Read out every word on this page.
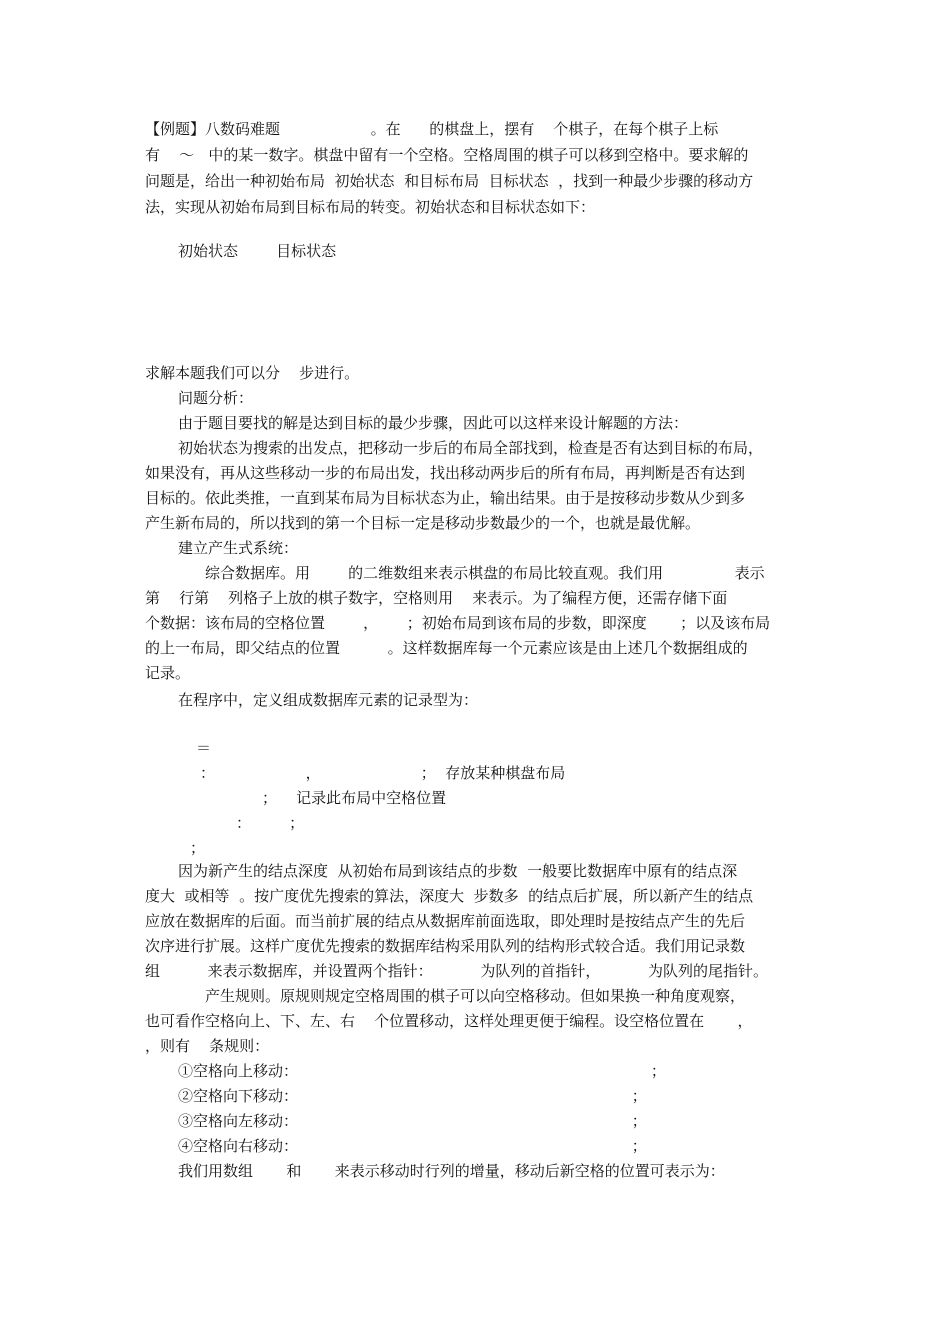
【例题】八数码难题                   。在      的棋盘上，摆有    个棋子，在每个棋子上标
有    ～   中的某一数字。棋盘中留有一个空格。空格周围的棋子可以移到空格中。要求解的
问题是，给出一种初始布局  初始状态  和目标布局  目标状态  ，找到一种最少步骤的移动方
法，实现从初始布局到目标布局的转变。初始状态和目标状态如下：
初始状态        目标状态
求解本题我们可以分    步进行。
问题分析：
由于题目要找的解是达到目标的最少步骤，因此可以这样来设计解题的方法：
初始状态为搜索的出发点，把移动一步后的布局全部找到，检查是否有达到目标的布局，
如果没有，再从这些移动一步的布局出发，找出移动两步后的所有布局，再判断是否有达到
目标的。依此类推，一直到某布局为目标状态为止，输出结果。由于是按移动步数从少到多
产生新布局的，所以找到的第一个目标一定是移动步数最少的一个，也就是最优解。
建立产生式系统：
综合数据库。用        的二维数组来表示棋盘的布局比较直观。我们用               表示
第    行第    列格子上放的棋子数字，空格则用    来表示。为了编程方便，还需存储下面
个数据：该布局的空格位置        ，      ；初始布局到该布局的步数，即深度       ；以及该布局
的上一布局，即父结点的位置          。这样数据库每一个元素应该是由上述几个数据组成的
记录。
在程序中，定义组成数据库元素的记录型为：
＝
：                   ，                     ；  存放某种棋盘布局
；    记录此布局中空格位置
：        ；
；
因为新产生的结点深度  从初始布局到该结点的步数  一般要比数据库中原有的结点深
度大  或相等  。按广度优先搜索的算法，深度大  步数多  的结点后扩展，所以新产生的结点
应放在数据库的后面。而当前扩展的结点从数据库前面选取，即处理时是按结点产生的先后
次序进行扩展。这样广度优先搜索的数据库结构采用队列的结构形式较合适。我们用记录数
组          来表示数据库，并设置两个指针：          为队列的首指针，          为队列的尾指针。
产生规则。原规则规定空格周围的棋子可以向空格移动。但如果换一种角度观察，
也可看作空格向上、下、左、右    个位置移动，这样处理更便于编程。设空格位置在       ，
，则有    条规则：
①空格向上移动：                                                                          ；
②空格向下移动：                                                                      ；
③空格向左移动：                                                                      ；
④空格向右移动：                                                                      ；
我们用数组       和       来表示移动时行列的增量，移动后新空格的位置可表示为：
